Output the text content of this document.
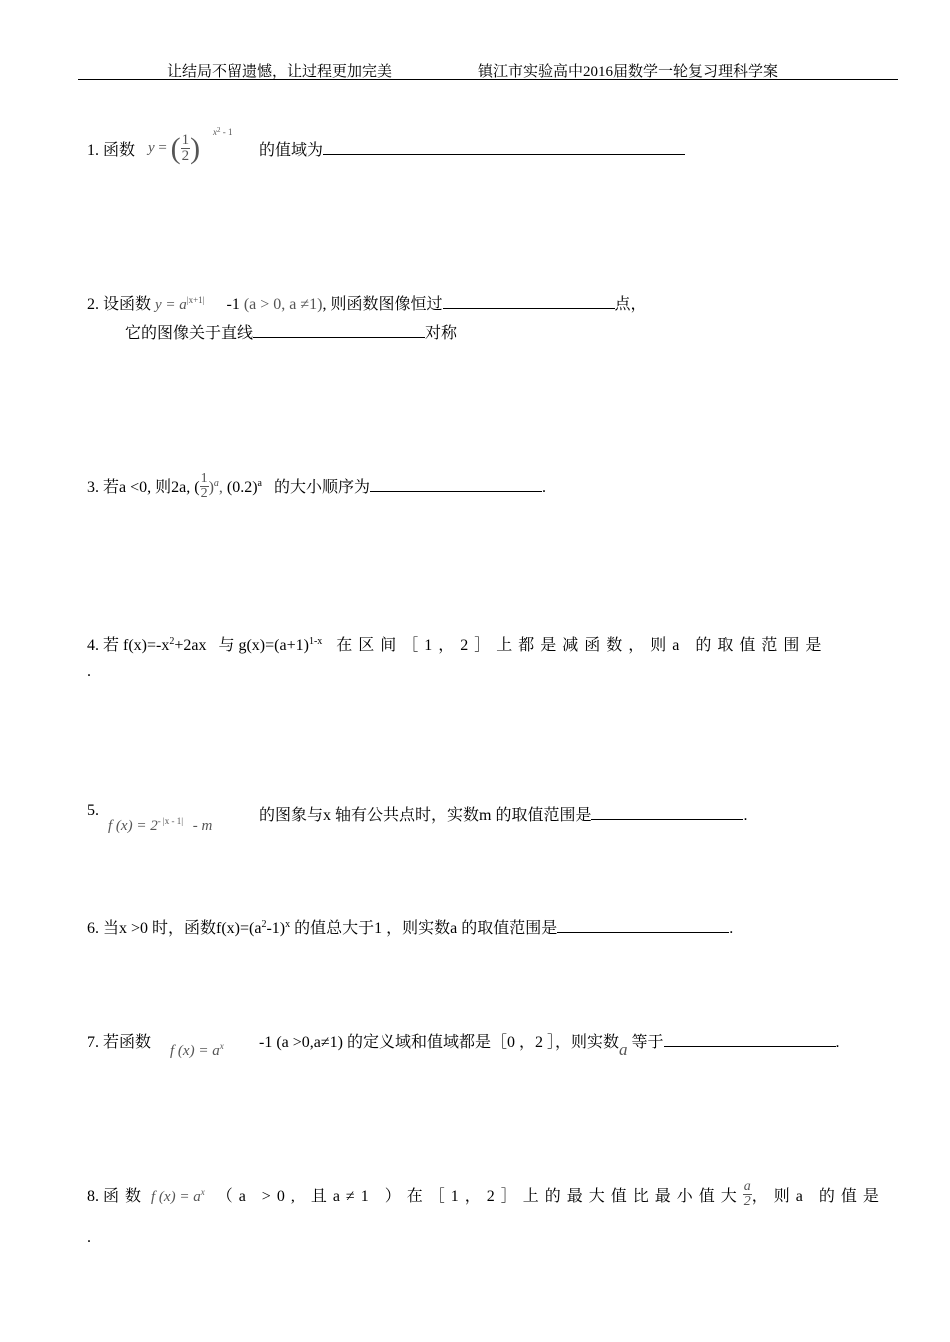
让结局不留遗憾，让过程更加完美	镇江市实验高中2016届数学一轮复习理科学案
1. 函数 y = ( $\frac{1}{2}$ ) $x^2 - 1$
的值域为
2. 设函数 $y = a^{|x+1|}$ -1 (a > 0, a ≠1), 则函数图像恒过	点，
它的图像关于直线	对称
3. 若a <0, 则2a, ( $\frac{1}{2} )^a$, $(0.2)^a$ 的大小顺序为	.
4. 若 $f(x)=-x^2+2ax$ 与 $g(x)=(a+1)^{1-x}$ 在区间［1，2］上都是减函数，则a 的取值范围是
.
5.
f $(x) = 2^{- |x - 1|} - m$
的图象与x 轴有公共点时，实数m 的取值范围是	.
6. 当x >0 时，函数$f(x)=(a^2-1)^x$ 的值总大于1 ，则实数a 的取值范围是	.
7. 若函数 f $(x) = a^x$ -1 (a >0,a≠1) 的定义域和值域都是［0 ，2 ］，则实数a 等于	.
8. 函数 f $(x) = a^x$ （a >0, 且a≠1 ）在［1，2］上的最大值比最小值大 $\frac{a}{2}$ ，则a 的值是
.
